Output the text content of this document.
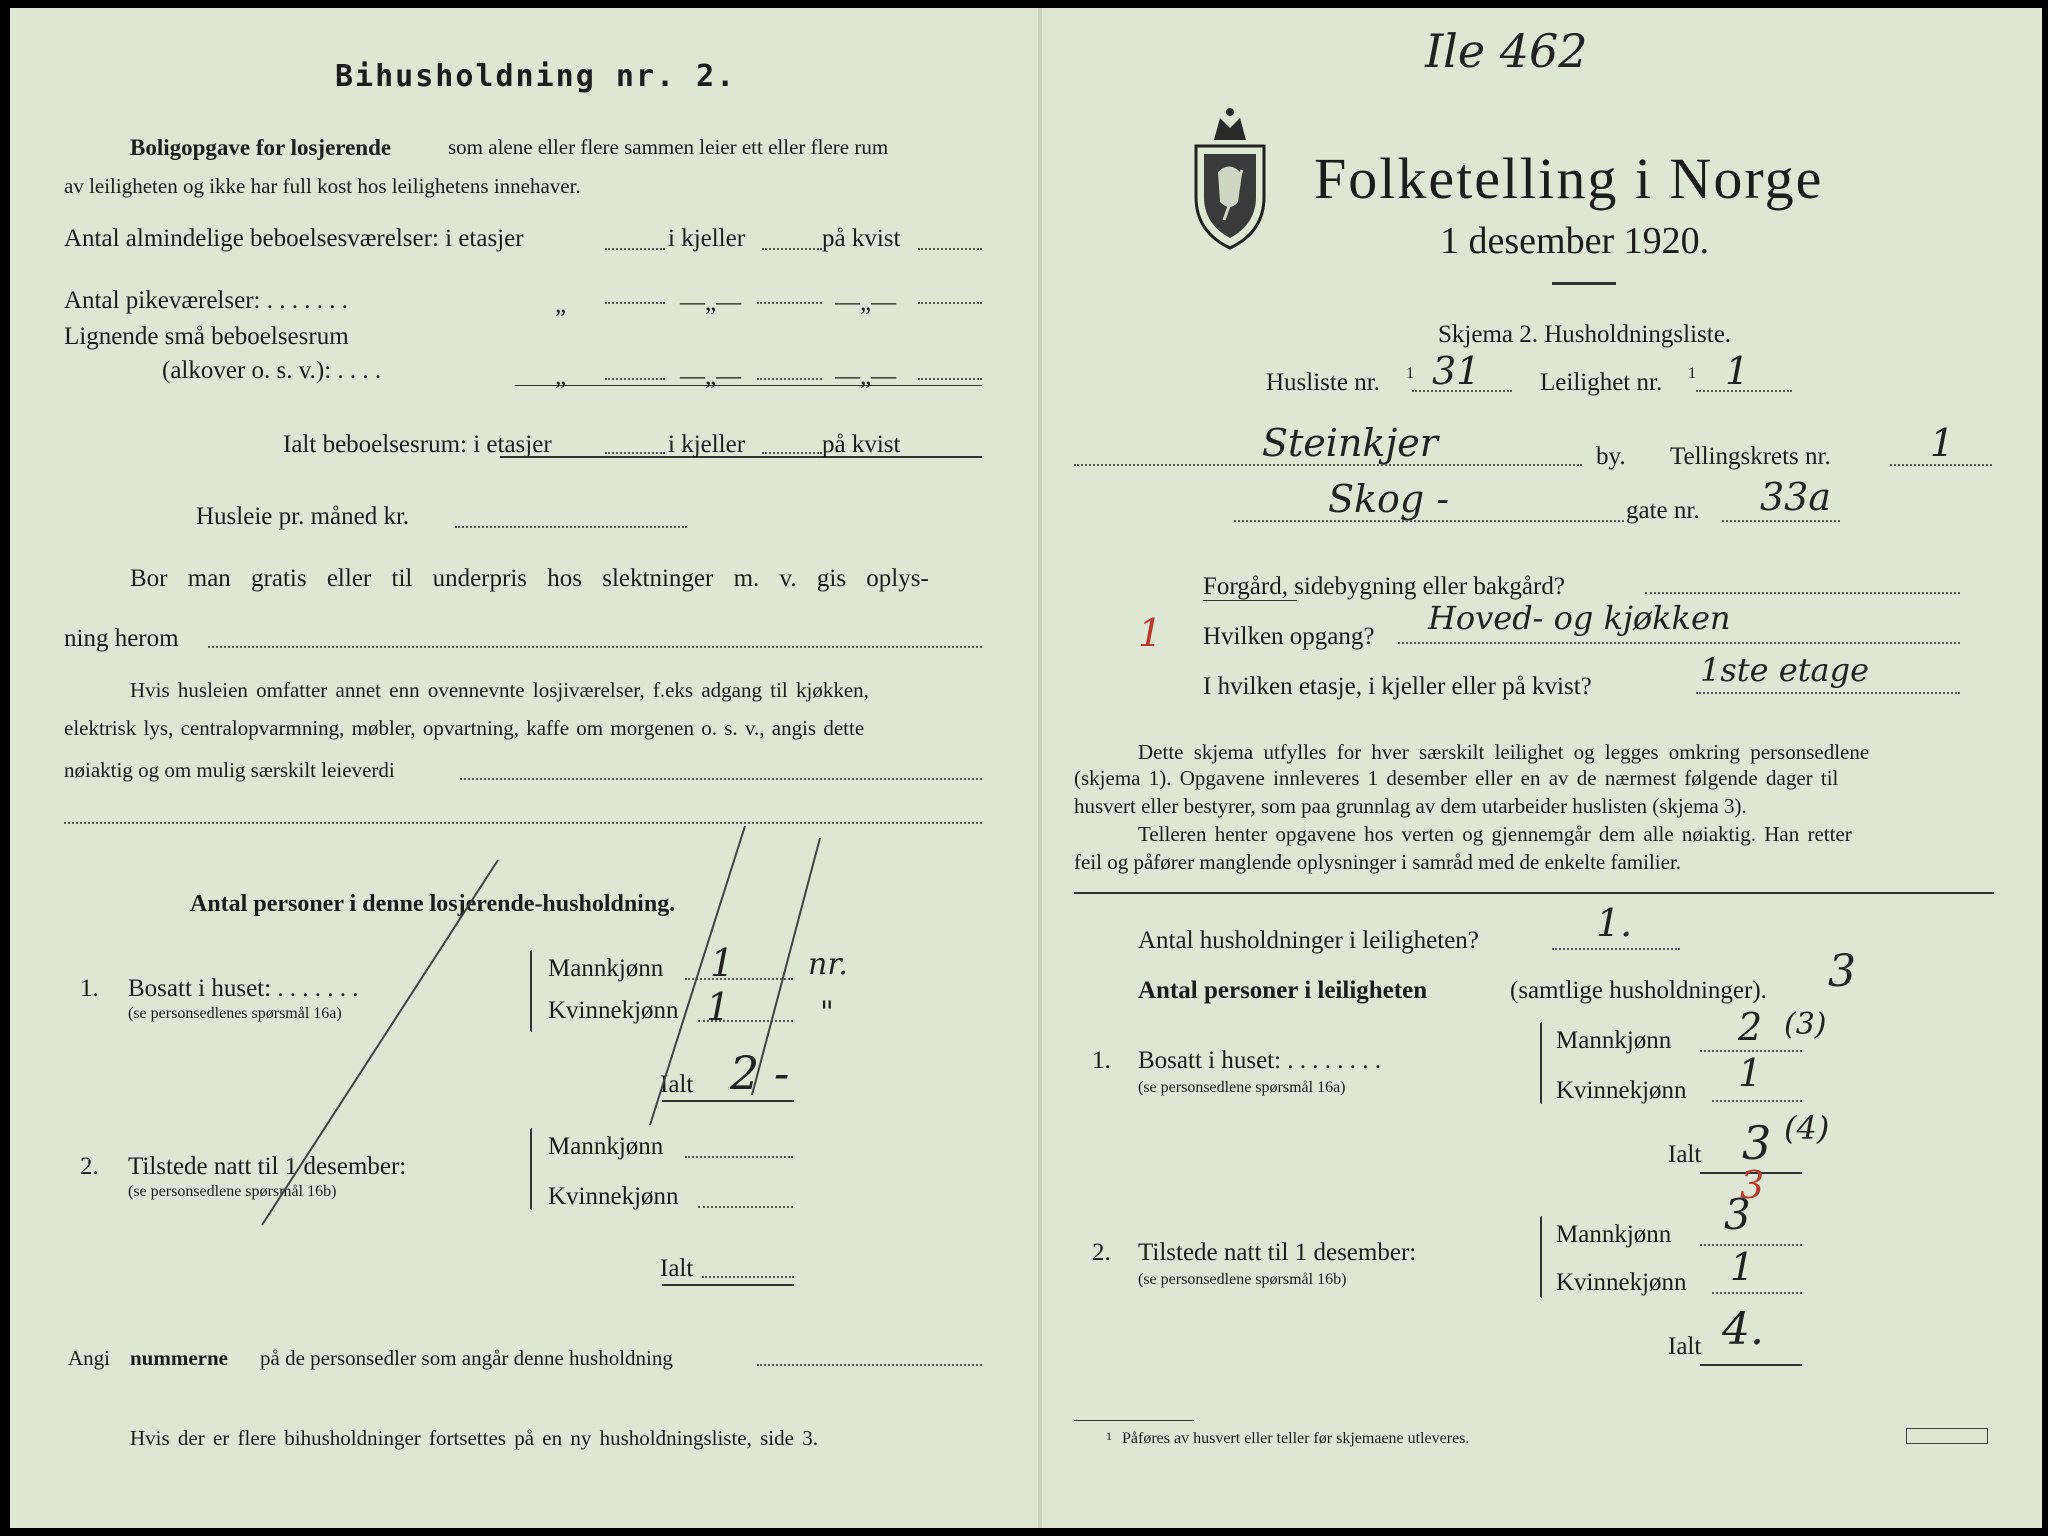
Ile 462
Bihusholdning nr. 2.
Boligopgave for losjerende	som alene eller flere sammen leier ett eller flere rum
av leiligheten og ikke har full kost hos leilighetens innehaver.
Antal almindelige beboelsesværelser: i etasjer	i kjeller	på kvist
Antal pikeværelser: . . . . . . .	„	—„—	—„—
Lignende små beboelsesrum
(alkover o. s. v.): . . . .	„	—„—	—„—
Ialt beboelsesrum: i etasjer	i kjeller	på kvist
Husleie pr. måned kr.
Bor man gratis eller til underpris hos slektninger m. v. gis oplys-
ning herom
Hvis husleien omfatter annet enn ovennevnte losjiværelser, f.eks adgang til kjøkken,
elektrisk lys, centralopvarmning, møbler, opvartning, kaffe om morgenen o. s. v., angis dette
nøiaktig og om mulig særskilt leieverdi
Antal personer i denne losjerende-husholdning.
1. Bosatt i huset: . . . . . . .
(se personsedlenes spørsmål 16a)
Mannkjønn 1 nr.
Kvinnekjønn 1	"
Ialt 2 -
2. Tilstede natt til 1 desember:
(se personsedlene spørsmål 16b)
Mannkjønn
Kvinnekjønn
Ialt
Angi nummerne på de personsedler som angår denne husholdning
Hvis der er flere bihusholdninger fortsettes på en ny husholdningsliste, side 3.
Folketelling i Norge
1 desember 1920.
Skjema 2. Husholdningsliste.
Husliste nr. 1 31 Leilighet nr. 1 1
Steinkjer	by. Tellingskrets nr.	1
Skog -	gate nr. 33a
Forgård, sidebygning eller bakgård?
1 Hvilken opgang? Hoved- og kjøkken
I hvilken etasje, i kjeller eller på kvist?	1ste etage
Dette skjema utfylles for hver særskilt leilighet og legges omkring personsedlene
(skjema 1). Opgavene innleveres 1 desember eller en av de nærmest følgende dager til
husvert eller bestyrer, som paa grunnlag av dem utarbeider huslisten (skjema 3).
Telleren henter opgavene hos verten og gjennemgår dem alle nøiaktig. Han retter
feil og påfører manglende oplysninger i samråd med de enkelte familier.
Antal husholdninger i leiligheten?	1.
Antal personer i leiligheten	(samtlige husholdninger). 3
1. Bosatt i huset: . . . . . . . .
(se personsedlene spørsmål 16a)
Mannkjønn 2 (3)
Kvinnekjønn 1
Ialt 3 (4)
3
2. Tilstede natt til 1 desember:
(se personsedlene spørsmål 16b)
Mannkjønn 3
Kvinnekjønn 1
Ialt 4.
1 Påføres av husvert eller teller før skjemaene utleveres.
